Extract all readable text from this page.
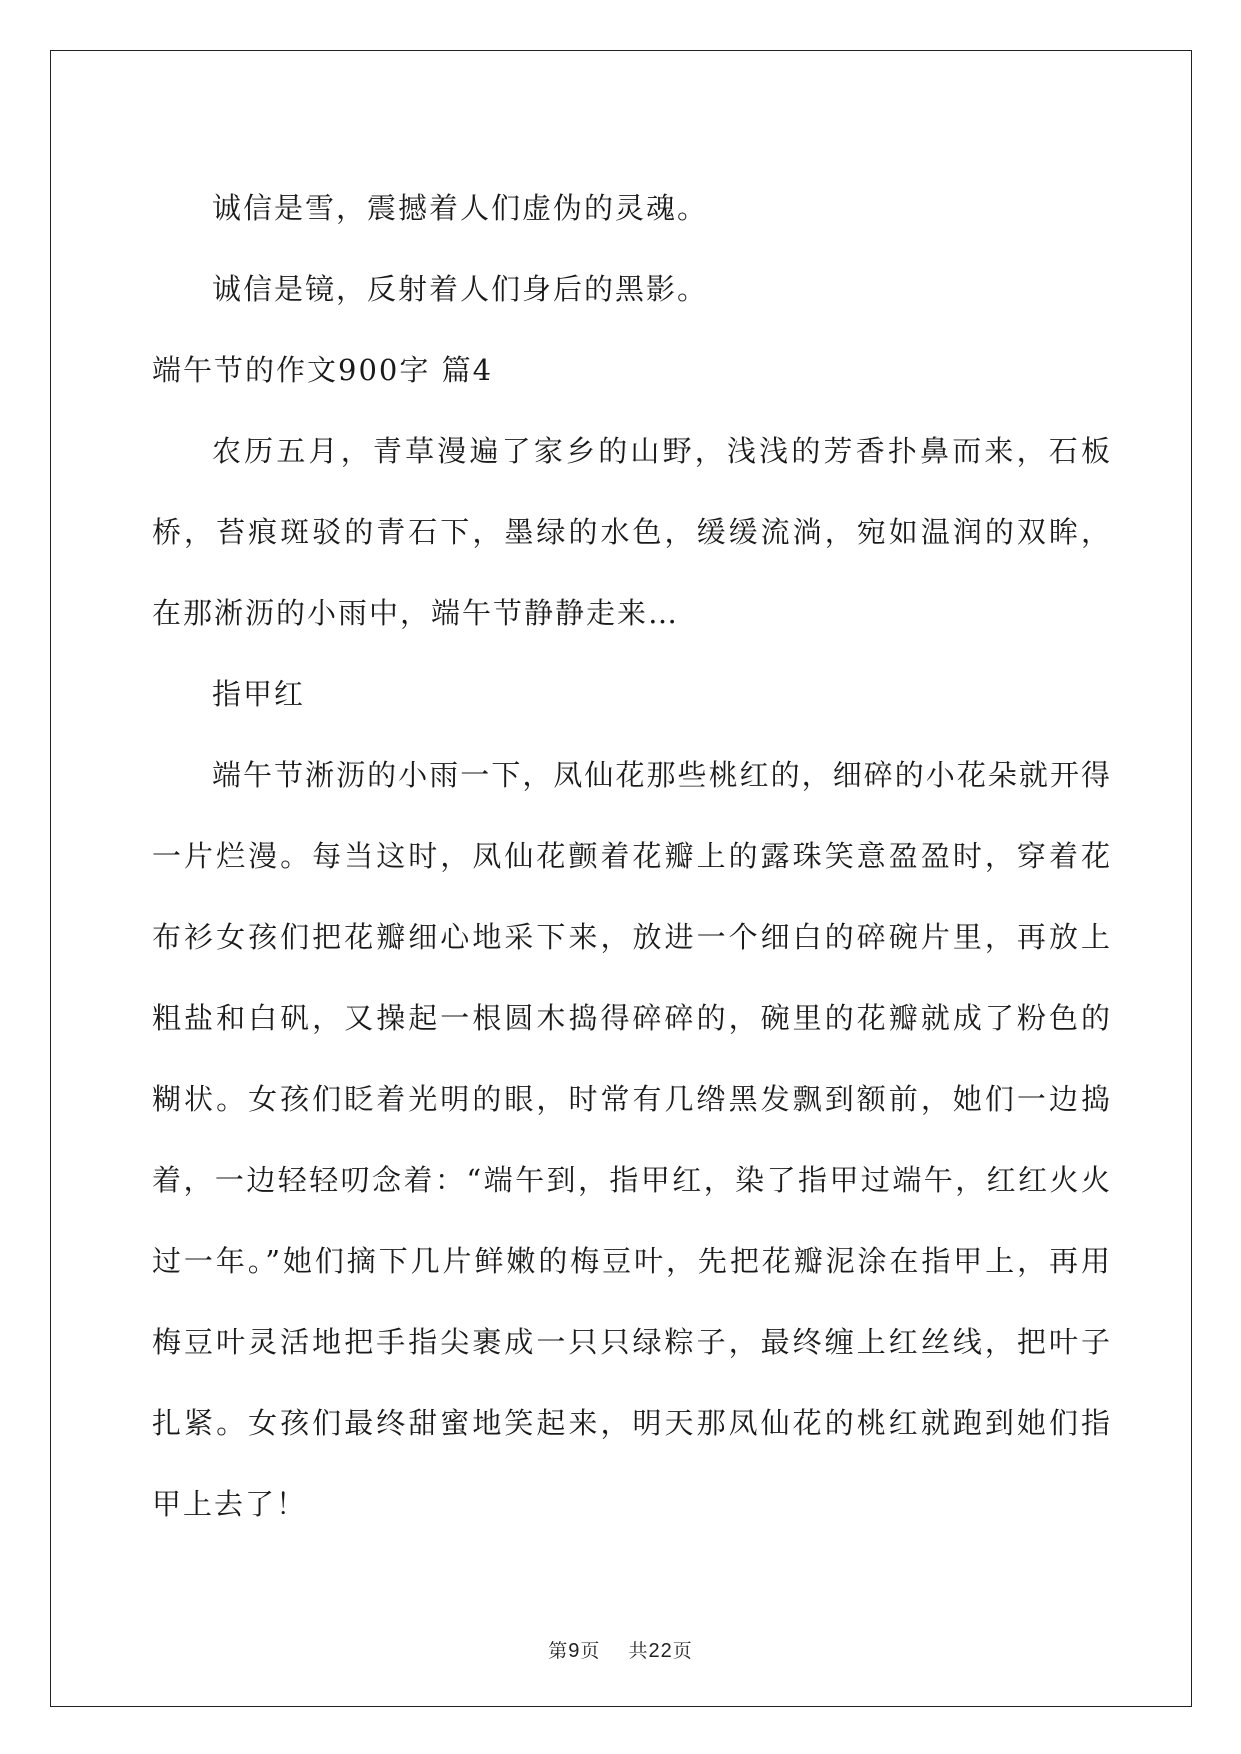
诚信是雪，震撼着人们虚伪的灵魂。

诚信是镜，反射着人们身后的黑影。

端午节的作文900字 篇4

农历五月，青草漫遍了家乡的山野，浅浅的芳香扑鼻而来，石板桥，苔痕斑驳的青石下，墨绿的水色，缓缓流淌，宛如温润的双眸，在那淅沥的小雨中，端午节静静走来…

指甲红

端午节淅沥的小雨一下，凤仙花那些桃红的，细碎的小花朵就开得一片烂漫。每当这时，凤仙花颤着花瓣上的露珠笑意盈盈时，穿着花布衫女孩们把花瓣细心地采下来，放进一个细白的碎碗片里，再放上粗盐和白矾，又操起一根圆木捣得碎碎的，碗里的花瓣就成了粉色的糊状。女孩们眨着光明的眼，时常有几绺黑发飘到额前，她们一边捣着，一边轻轻叨念着：“端午到，指甲红，染了指甲过端午，红红火火过一年。”她们摘下几片鲜嫩的梅豆叶，先把花瓣泥涂在指甲上，再用梅豆叶灵活地把手指尖裹成一只只绿粽子，最终缠上红丝线，把叶子扎紧。女孩们最终甜蜜地笑起来，明天那凤仙花的桃红就跑到她们指甲上去了！

第9页 共22页
